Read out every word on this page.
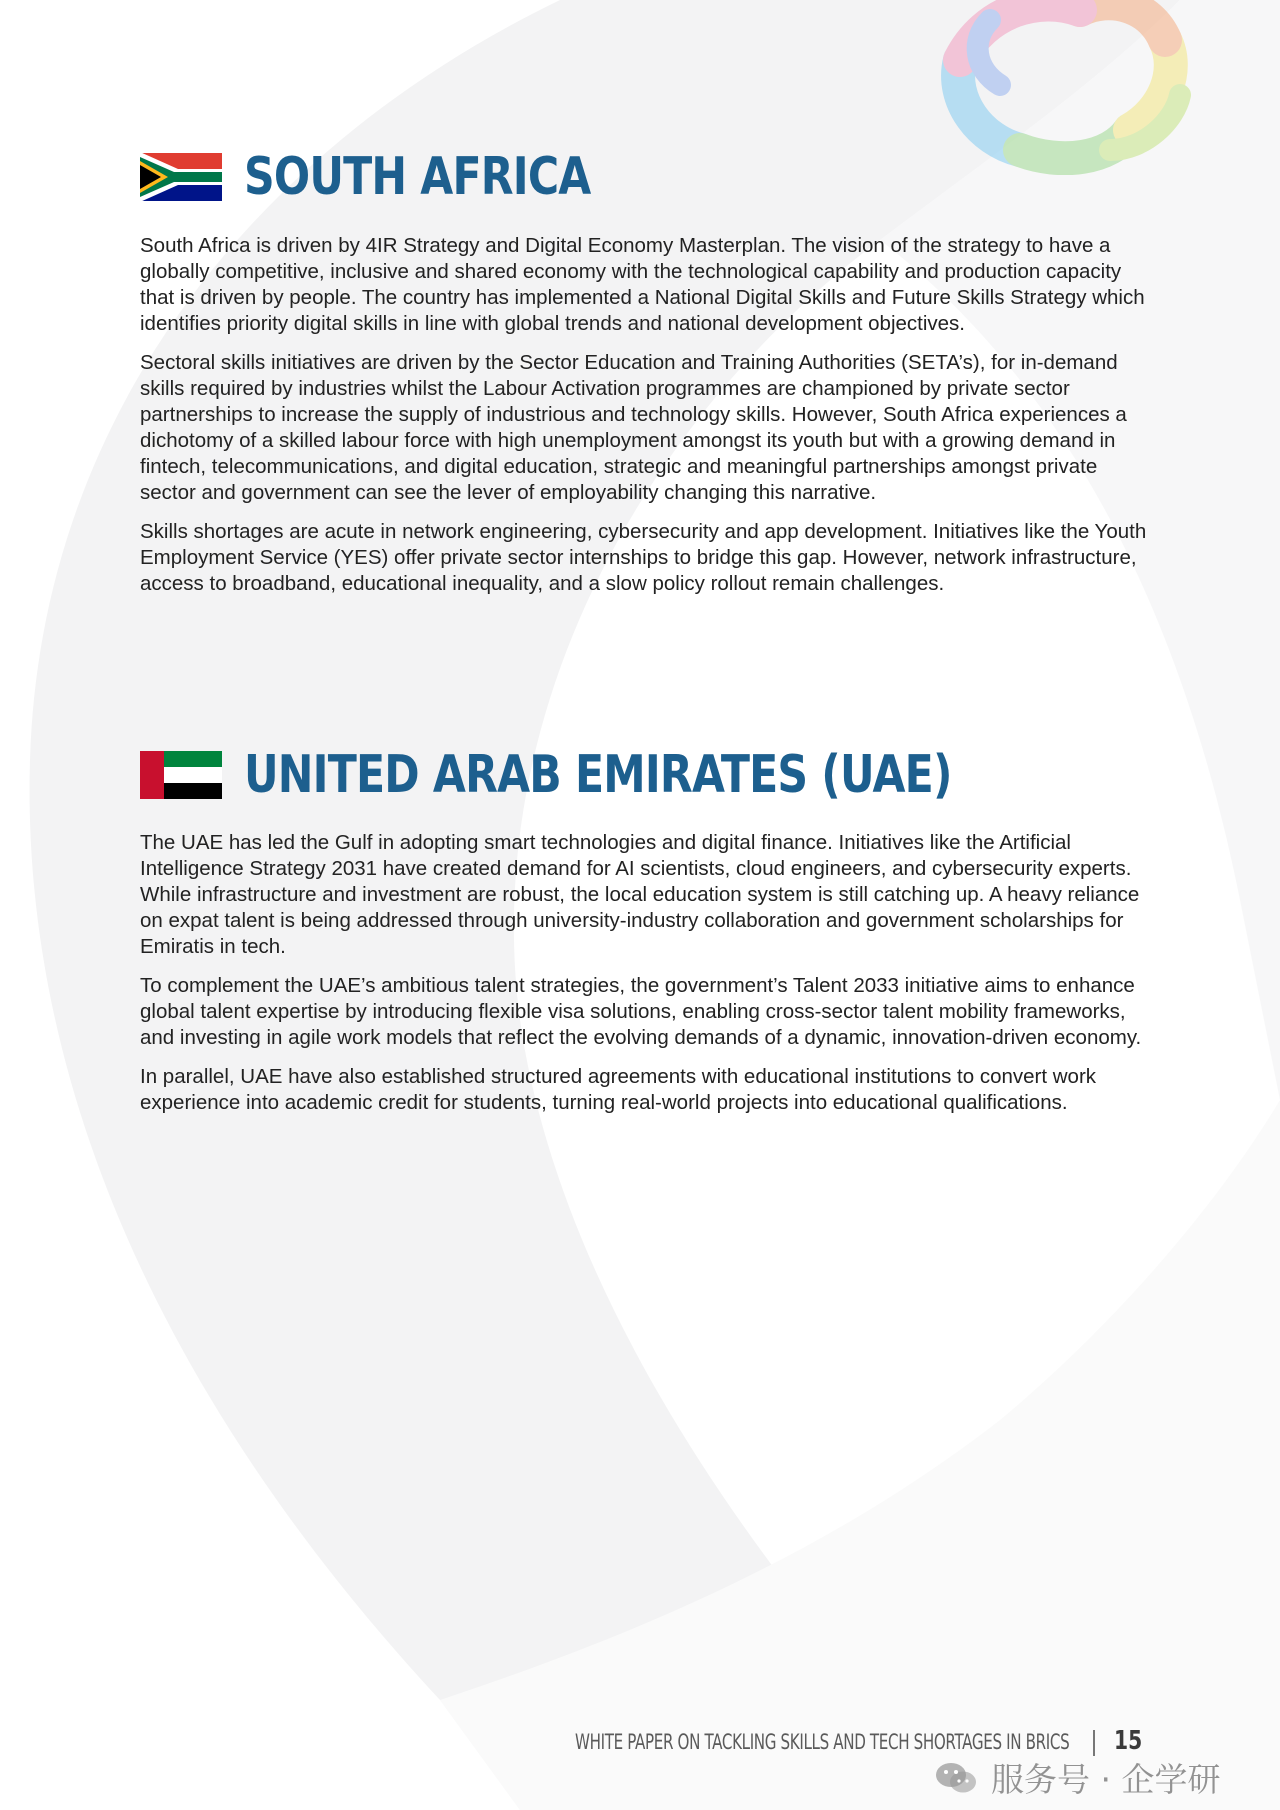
SOUTH AFRICA

South Africa is driven by 4IR Strategy and Digital Economy Masterplan. The vision of the strategy to have a globally competitive, inclusive and shared economy with the technological capability and production capacity that is driven by people. The country has implemented a National Digital Skills and Future Skills Strategy which identifies priority digital skills in line with global trends and national development objectives.

Sectoral skills initiatives are driven by the Sector Education and Training Authorities (SETA’s), for in-demand skills required by industries whilst the Labour Activation programmes are championed by private sector partnerships to increase the supply of industrious and technology skills. However, South Africa experiences a dichotomy of a skilled labour force with high unemployment amongst its youth but with a growing demand in fintech, telecommunications, and digital education, strategic and meaningful partnerships amongst private sector and government can see the lever of employability changing this narrative.

Skills shortages are acute in network engineering, cybersecurity and app development. Initiatives like the Youth Employment Service (YES) offer private sector internships to bridge this gap. However, network infrastructure, access to broadband, educational inequality, and a slow policy rollout remain challenges.

UNITED ARAB EMIRATES (UAE)

The UAE has led the Gulf in adopting smart technologies and digital finance. Initiatives like the Artificial Intelligence Strategy 2031 have created demand for AI scientists, cloud engineers, and cybersecurity experts. While infrastructure and investment are robust, the local education system is still catching up. A heavy reliance on expat talent is being addressed through university-industry collaboration and government scholarships for Emiratis in tech.

To complement the UAE’s ambitious talent strategies, the government’s Talent 2033 initiative aims to enhance global talent expertise by introducing flexible visa solutions, enabling cross-sector talent mobility frameworks, and investing in agile work models that reflect the evolving demands of a dynamic, innovation-driven economy.

In parallel, UAE have also established structured agreements with educational institutions to convert work experience into academic credit for students, turning real-world projects into educational qualifications.

WHITE PAPER ON TACKLING SKILLS AND TECH SHORTAGES IN BRICS 15
服务号 · 企学研
